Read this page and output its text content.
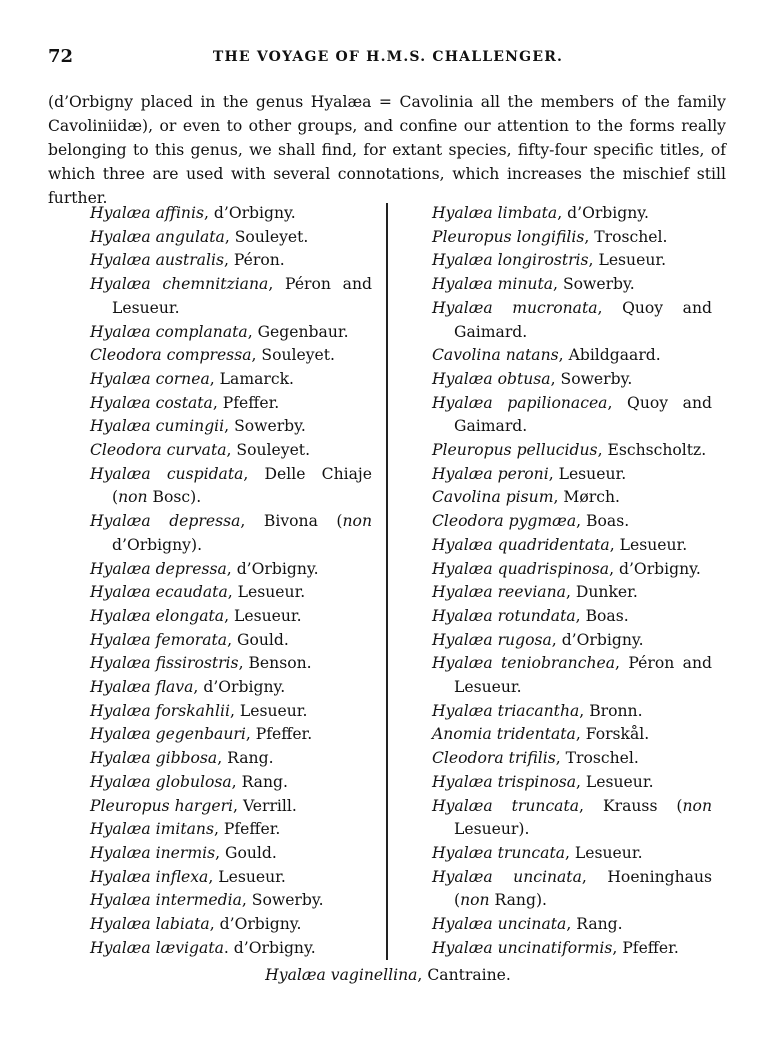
72	THE VOYAGE OF H.M.S. CHALLENGER.

(d’Orbigny placed in the genus Hyalæa = Cavolinia all the members of the family Cavoliniidæ), or even to other groups, and confine our attention to the forms really belonging to this genus, we shall find, for extant species, fifty-four specific titles, of which three are used with several connotations, which increases the mischief still further.

Hyalæa affinis, d’Orbigny.

Hyalæa angulata, Souleyet.

Hyalæa australis, Péron.

Hyalæa chemnitziana, Péron and Lesueur.

Hyalæa complanata, Gegenbaur.

Cleodora compressa, Souleyet.

Hyalæa cornea, Lamarck.

Hyalæa costata, Pfeffer.

Hyalæa cumingii, Sowerby.

Cleodora curvata, Souleyet.

Hyalæa cuspidata, Delle Chiaje (non Bosc).

Hyalæa depressa, Bivona (non d’Orbigny).

Hyalæa depressa, d’Orbigny.

Hyalæa ecaudata, Lesueur.

Hyalæa elongata, Lesueur.

Hyalæa femorata, Gould.

Hyalæa fissirostris, Benson.

Hyalæa flava, d’Orbigny.

Hyalæa forskahlii, Lesueur.

Hyalæa gegenbauri, Pfeffer.

Hyalæa gibbosa, Rang.

Hyalæa globulosa, Rang.

Pleuropus hargeri, Verrill.

Hyalæa imitans, Pfeffer.

Hyalæa inermis, Gould.

Hyalæa inflexa, Lesueur.

Hyalæa intermedia, Sowerby.

Hyalæa labiata, d’Orbigny.

Hyalæa lævigata. d’Orbigny.

Hyalæa limbata, d’Orbigny.

Pleuropus longifilis, Troschel.

Hyalæa longirostris, Lesueur.

Hyalæa minuta, Sowerby.

Hyalæa mucronata, Quoy and Gaimard.

Cavolina natans, Abildgaard.

Hyalæa obtusa, Sowerby.

Hyalæa papilionacea, Quoy and Gaimard.

Pleuropus pellucidus, Eschscholtz.

Hyalæa peroni, Lesueur.

Cavolina pisum, Mørch.

Cleodora pygmæa, Boas.

Hyalæa quadridentata, Lesueur.

Hyalæa quadrispinosa, d’Orbigny.

Hyalæa reeviana, Dunker.

Hyalæa rotundata, Boas.

Hyalæa rugosa, d’Orbigny.

Hyalæa teniobranchea, Péron and Lesueur.

Hyalæa triacantha, Bronn.

Anomia tridentata, Forskål.

Cleodora trifilis, Troschel.

Hyalæa trispinosa, Lesueur.

Hyalæa truncata, Krauss (non Lesueur).

Hyalæa truncata, Lesueur.

Hyalæa uncinata, Hoeninghaus (non Rang).

Hyalæa uncinata, Rang.

Hyalæa uncinatiformis, Pfeffer.

Hyalæa vaginellina, Cantraine.
